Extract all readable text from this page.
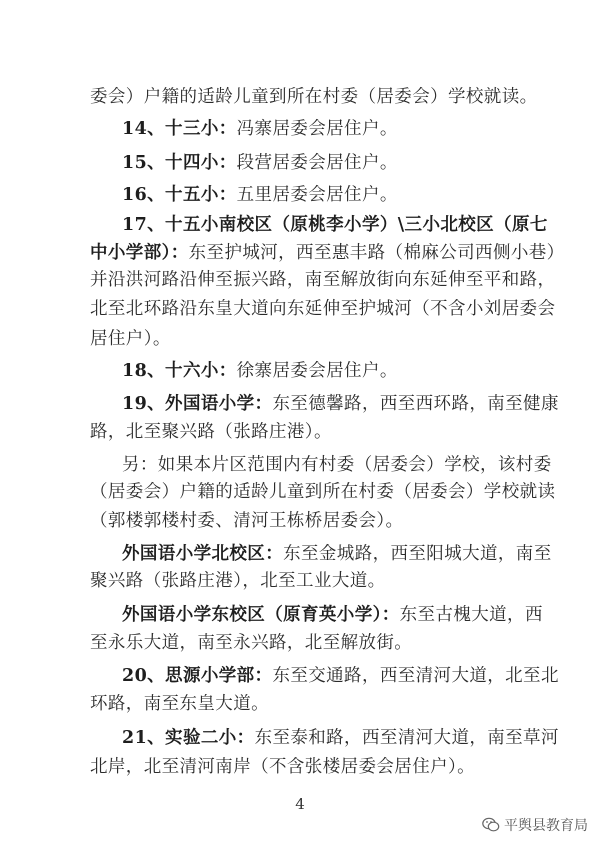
委会）户籍的适龄儿童到所在村委（居委会）学校就读。
14、十三小：冯寨居委会居住户。
15、十四小：段营居委会居住户。
16、十五小：五里居委会居住户。
17、十五小南校区（原桃李小学）\三小北校区（原七
中小学部）：东至护城河，西至惠丰路（棉麻公司西侧小巷）
并沿洪河路沿伸至振兴路，南至解放街向东延伸至平和路，
北至北环路沿东皇大道向东延伸至护城河（不含小刘居委会
居住户）。
18、十六小：徐寨居委会居住户。
19、外国语小学：东至德馨路，西至西环路，南至健康
路，北至聚兴路（张路庄港）。
另：如果本片区范围内有村委（居委会）学校，该村委
（居委会）户籍的适龄儿童到所在村委（居委会）学校就读
（郭楼郭楼村委、清河王栋桥居委会）。
外国语小学北校区：东至金城路，西至阳城大道，南至
聚兴路（张路庄港），北至工业大道。
外国语小学东校区（原育英小学）：东至古槐大道，西
至永乐大道，南至永兴路，北至解放街。
20、思源小学部：东至交通路，西至清河大道，北至北
环路，南至东皇大道。
21、实验二小：东至泰和路，西至清河大道，南至草河
北岸，北至清河南岸（不含张楼居委会居住户）。
4
平舆县教育局
